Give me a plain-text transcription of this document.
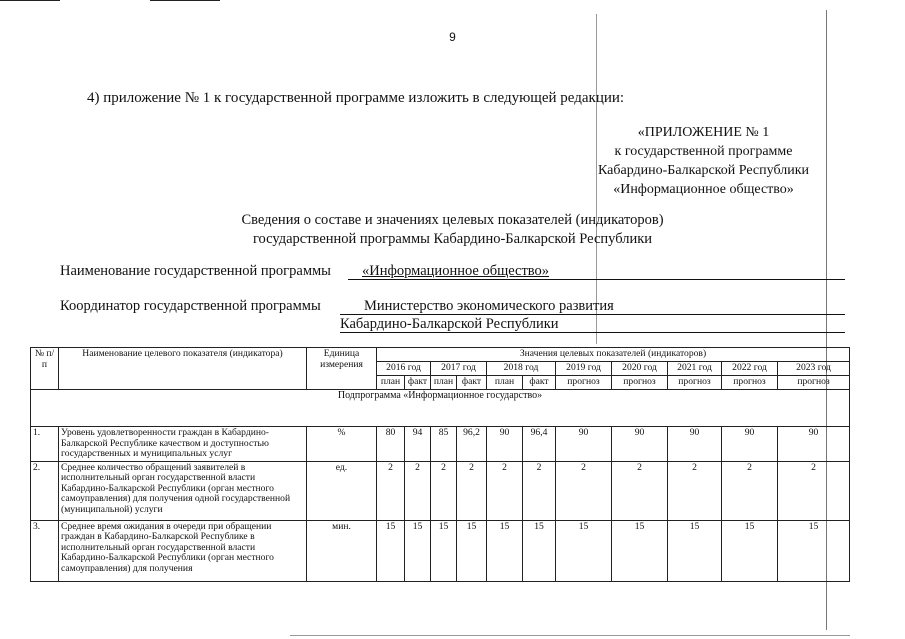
9
4) приложение № 1 к государственной программе изложить в следующей редакции:
«ПРИЛОЖЕНИЕ № 1
к государственной программе
Кабардино-Балкарской Республики
«Информационное общество»
Сведения о составе и значениях целевых показателей (индикаторов)
государственной программы Кабардино-Балкарской Республики
Наименование государственной программы «Информационное общество»
Координатор государственной программы	Министерство экономического развития
Кабардино-Балкарской Республики
№ п/п	Наименование целевого показателя (индикатора)	Единица измерения	Значения целевых показателей (индикаторов)										
			2016 год		2017 год		2018 год		2019 год	2020 год	2021 год	2022 год	2023 год
			план	факт	план	факт	план	факт	прогноз	прогноз	прогноз	прогноз	прогноз
Подпрограмма «Информационное государство»													
1.	Уровень удовлетворенности граждан в Кабардино-Балкарской Республике качеством и доступностью государственных и муниципальных услуг	%	80	94	85	96,2	90	96,4	90	90	90	90	90
2.	Среднее количество обращений заявителей в исполнительный орган государственной власти Кабардино-Балкарской Республики (орган местного самоуправления) для получения одной государственной (муниципальной) услуги	ед.	2	2	2	2	2	2	2	2	2	2	2
3.	Среднее время ожидания в очереди при обращении граждан в Кабардино-Балкарской Республике в исполнительный орган государственной власти Кабардино-Балкарской Республики (орган местного самоуправления) для получения	мин.	15	15	15	15	15	15	15	15	15	15	15
